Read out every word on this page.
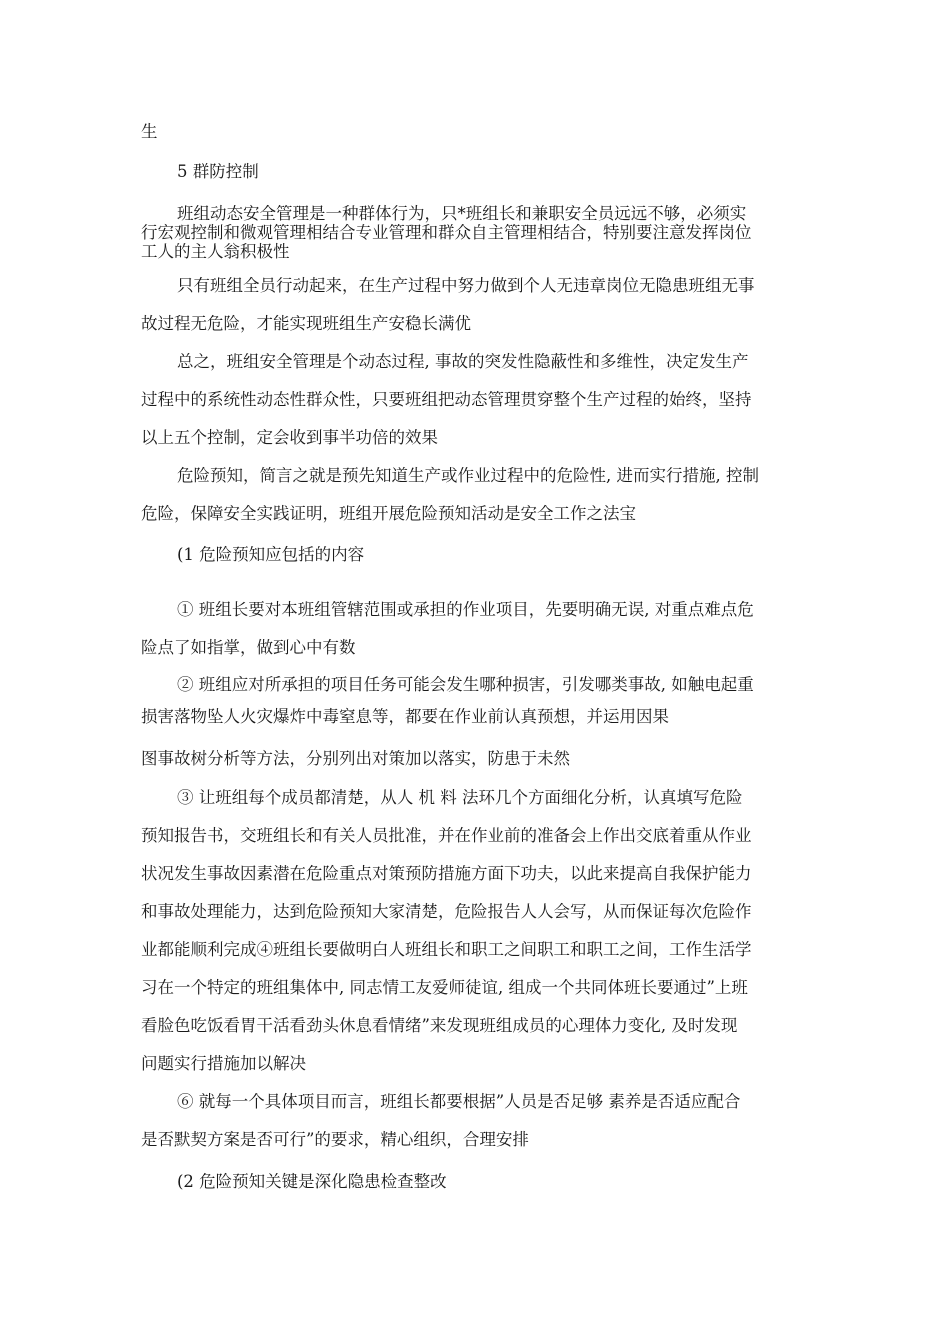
生

5 群防控制

班组动态安全管理是一种群体行为，只*班组长和兼职安全员远远不够，必须实

行宏观控制和微观管理相结合专业管理和群众自主管理相结合，特别要注意发挥岗位

工人的主人翁积极性

只有班组全员行动起来，在生产过程中努力做到个人无违章岗位无隐患班组无事

故过程无危险，才能实现班组生产安稳长满优

总之，班组安全管理是个动态过程, 事故的突发性隐蔽性和多维性，决定发生产

过程中的系统性动态性群众性，只要班组把动态管理贯穿整个生产过程的始终，坚持

以上五个控制，定会收到事半功倍的效果

危险预知，简言之就是预先知道生产或作业过程中的危险性, 进而实行措施, 控制

危险，保障安全实践证明，班组开展危险预知活动是安全工作之法宝

(1 危险预知应包括的内容

① 班组长要对本班组管辖范围或承担的作业项目，先要明确无误, 对重点难点危

险点了如指掌，做到心中有数

② 班组应对所承担的项目任务可能会发生哪种损害，引发哪类事故, 如触电起重

损害落物坠人火灾爆炸中毒窒息等，都要在作业前认真预想，并运用因果

图事故树分析等方法，分别列出对策加以落实，防患于未然

③ 让班组每个成员都清楚，从人 机 料 法环几个方面细化分析，认真填写危险

预知报告书，交班组长和有关人员批准，并在作业前的准备会上作出交底着重从作业

状况发生事故因素潜在危险重点对策预防措施方面下功夫，以此来提高自我保护能力

和事故处理能力，达到危险预知大家清楚，危险报告人人会写，从而保证每次危险作

业都能顺利完成④班组长要做明白人班组长和职工之间职工和职工之间，工作生活学

习在一个特定的班组集体中, 同志情工友爱师徒谊, 组成一个共同体班长要通过”上班

看脸色吃饭看胃干活看劲头休息看情绪”来发现班组成员的心理体力变化, 及时发现

问题实行措施加以解决

⑥ 就每一个具体项目而言，班组长都要根据”人员是否足够 素养是否适应配合

是否默契方案是否可行”的要求，精心组织，合理安排

(2 危险预知关键是深化隐患检查整改
